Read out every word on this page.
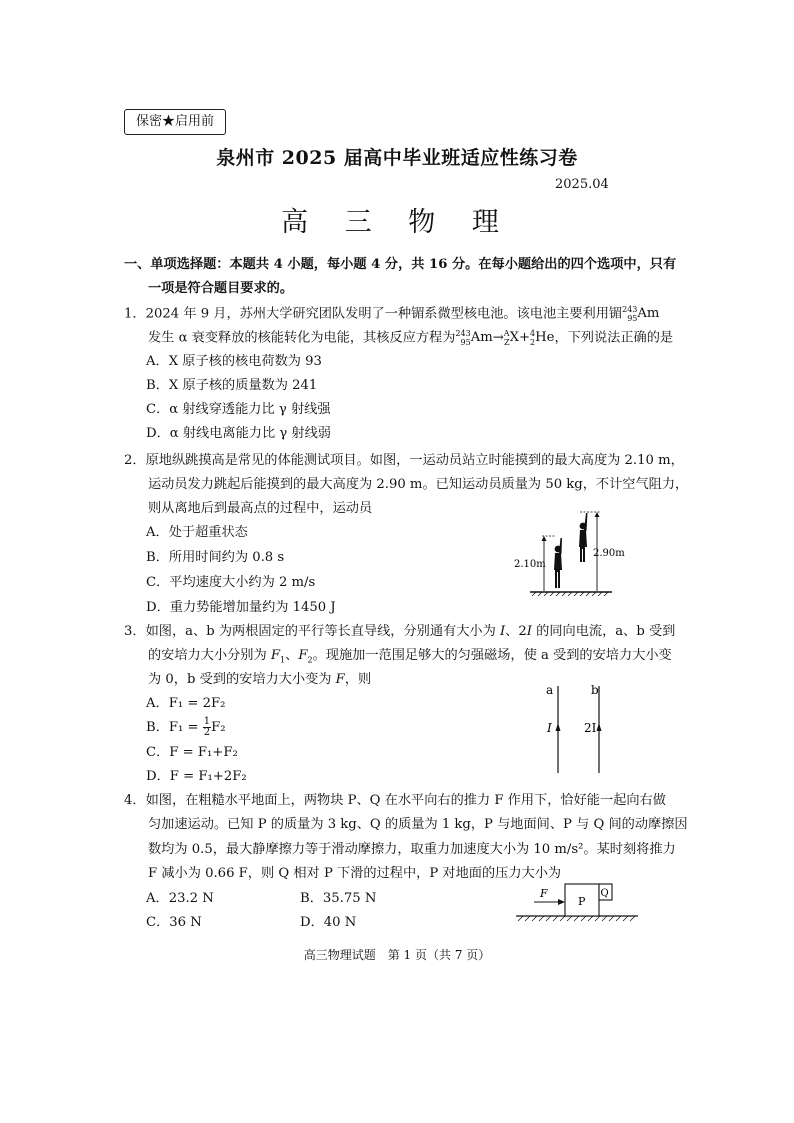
保密★启用前
泉州市 2025 届高中毕业班适应性练习卷
2025.04
高 三 物 理
一、单项选择题：本题共 4 小题，每小题 4 分，共 16 分。在每小题给出的四个选项中，只有
一项是符合题目要求的。
1．2024 年 9 月，苏州大学研究团队发明了一种镅系微型核电池。该电池主要利用镅 243
95 Am
发生 α 衰变释放的核能转化为电能，其核反应方程为 243
95 Am→ A
Z X+ 4
2 He，下列说法正确的是
A．X 原子核的核电荷数为 93
B．X 原子核的质量数为 241
C．α 射线穿透能力比 γ 射线强
D．α 射线电离能力比 γ 射线弱
2．原地纵跳摸高是常见的体能测试项目。如图，一运动员站立时能摸到的最大高度为 2.10 m，
运动员发力跳起后能摸到的最大高度为 2.90 m。已知运动员质量为 50 kg，不计空气阻力，
则从离地后到最高点的过程中，运动员
A．处于超重状态
B．所用时间约为 0.8 s
C．平均速度大小约为 2 m/s
D．重力势能增加量约为 1450 J
2.10m
2.90m
3．如图，a、b 为两根固定的平行等长直导线，分别通有大小为 I、2I 的同向电流，a、b 受到
的安培力大小分别为 $F_1$、$F_2$。现施加一范围足够大的匀强磁场，使 a 受到的安培力大小变
为 0，b 受到的安培力大小变为 F，则
A．F₁ = 2F₂
B．$F_1 = \frac{1}{2} F_2$
C．F = F₁+F₂
D．F = F₁+2F₂
a	b
I	2I
4．如图，在粗糙水平地面上，两物块 P、Q 在水平向右的推力 F 作用下，恰好能一起向右做
匀加速运动。已知 P 的质量为 3 kg、Q 的质量为 1 kg，P 与地面间、P 与 Q 间的动摩擦因
数均为 0.5，最大静摩擦力等于滑动摩擦力，取重力加速度大小为 10 m/s²。某时刻将推力
F 减小为 0.66 F，则 Q 相对 P 下滑的过程中，P 对地面的压力大小为
A．23.2 N	B．35.75 N
C．36 N	D．40 N
F
P
Q
高三物理试题　第 1 页（共 7 页）
